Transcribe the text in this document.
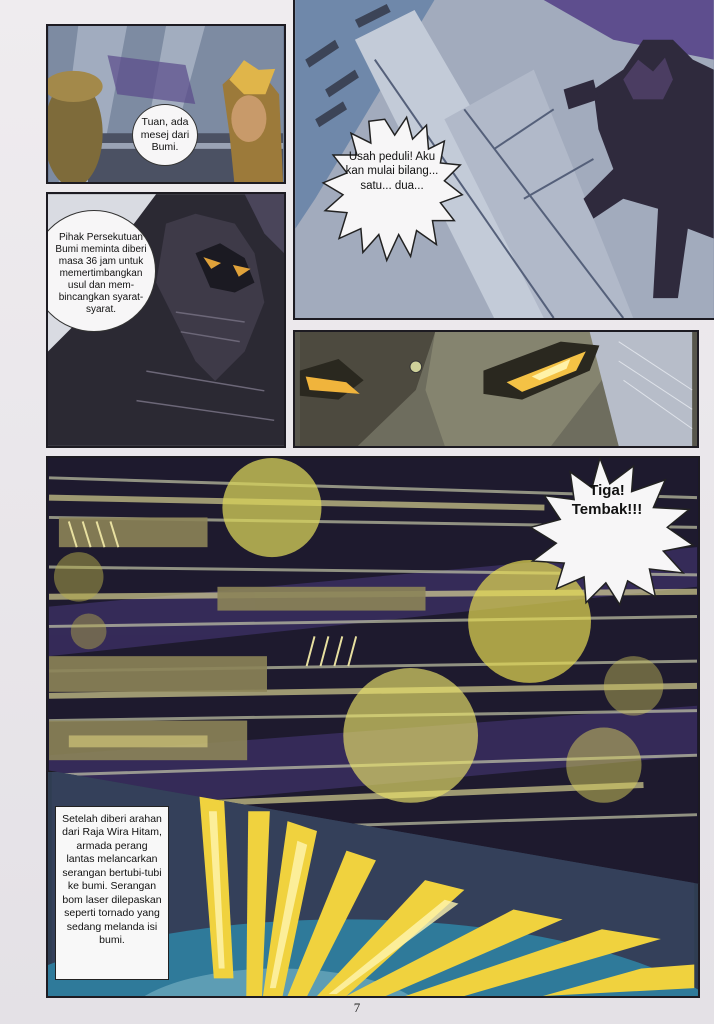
Tuan, ada mesej dari Bumi.
Usah peduli! Aku kan mulai bilang... satu... dua...
Pihak Persekutuan Bumi meminta diberi masa 36 jam untuk memertimbangkan usul dan mem-bincangkan syarat-syarat.
Tiga! Tembak!!!
Setelah diberi arahan dari Raja Wira Hitam, armada perang lantas melancarkan serangan bertubi-tubi ke bumi. Serangan bom laser dilepaskan seperti tornado yang sedang melanda isi bumi.
7
